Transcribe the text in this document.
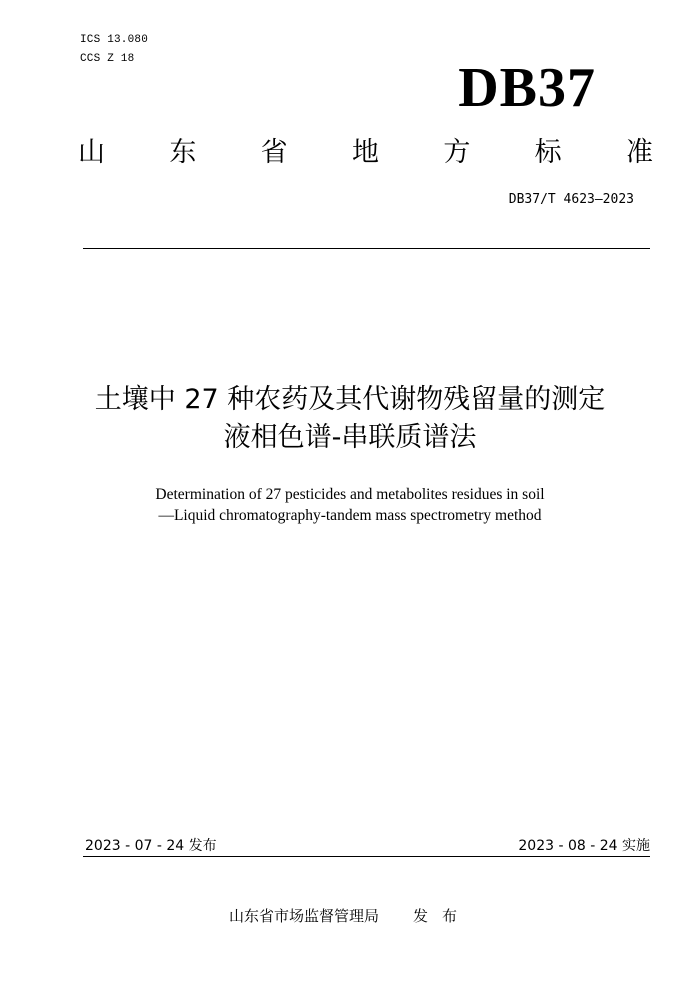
ICS 13.080
CCS Z 18	DB37
山 东 省 地 方 标 准
DB37/T 4623—2023
土壤中 27 种农药及其代谢物残留量的测定
液相色谱-串联质谱法
Determination of 27 pesticides and metabolites residues in soil
—Liquid chromatography-tandem mass spectrometry method
2023 - 07 - 24 发布	2023 - 08 - 24 实施
山东省市场监督管理局 发布
